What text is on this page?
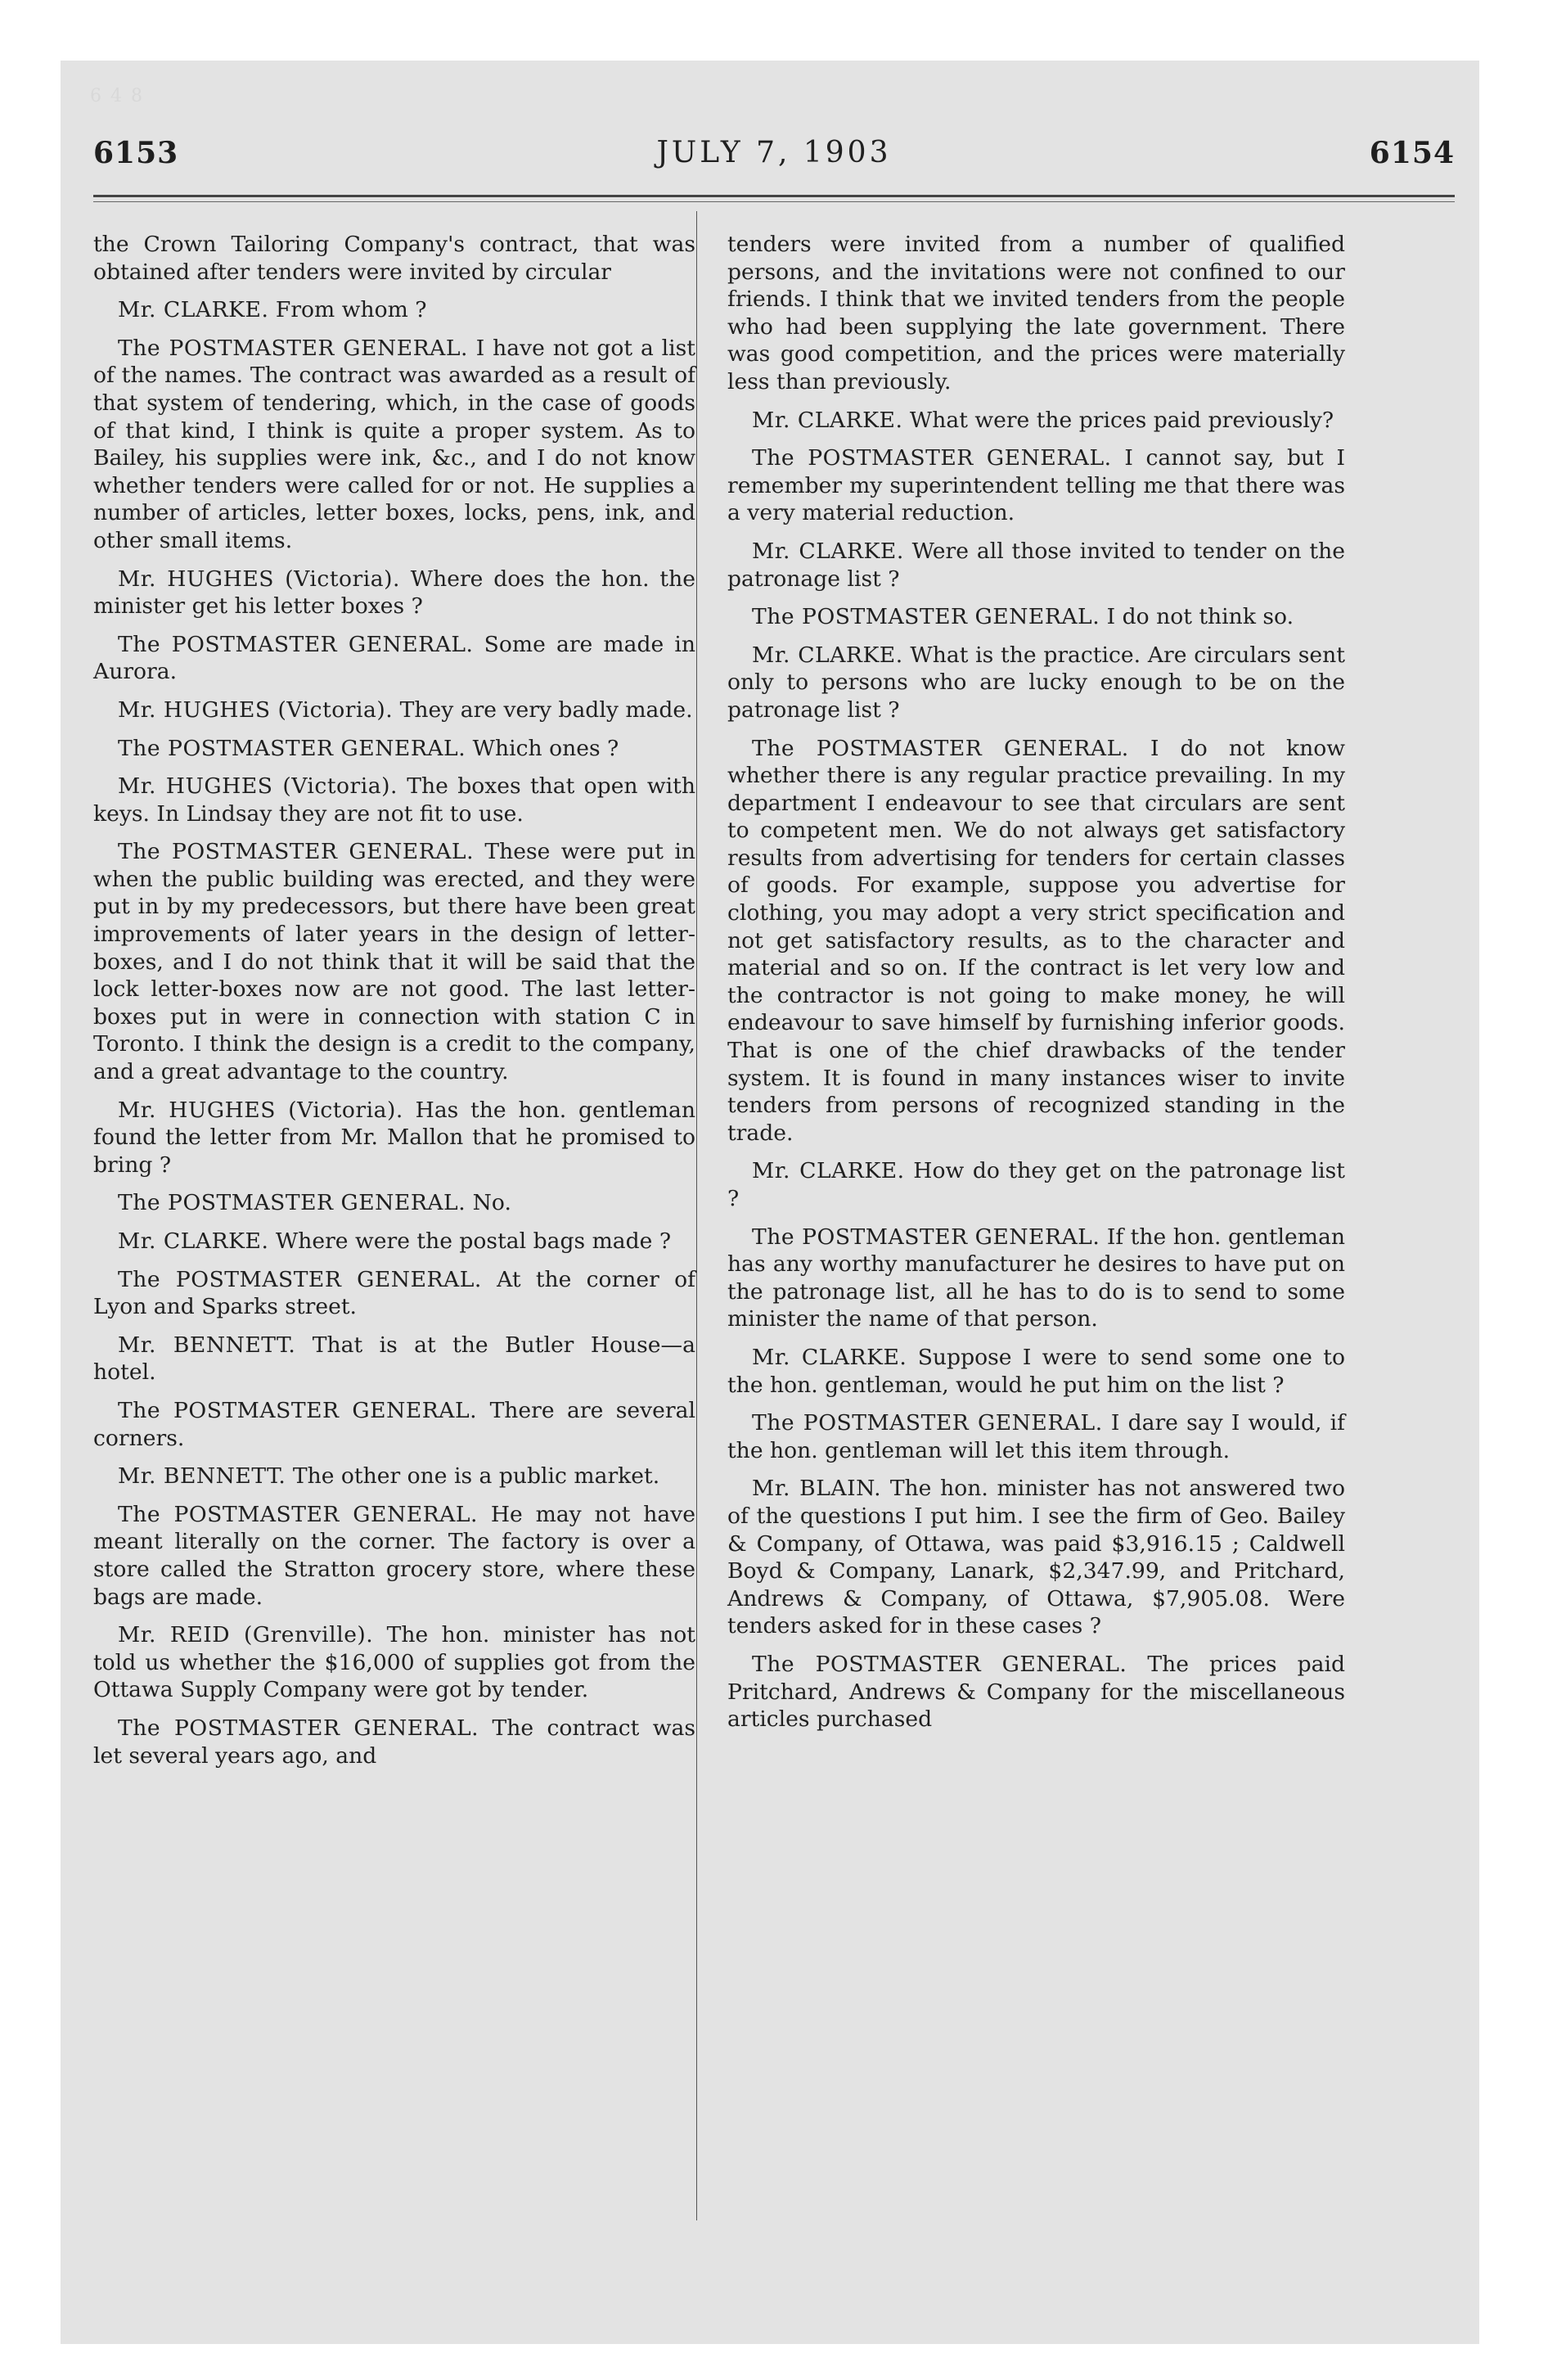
6 4 8
6153	JULY 7, 1903	6154

the Crown Tailoring Company's contract, that was obtained after tenders were invited by circular

Mr. CLARKE. From whom ?

The POSTMASTER GENERAL. I have not got a list of the names. The contract was awarded as a result of that system of tendering, which, in the case of goods of that kind, I think is quite a proper system. As to Bailey, his supplies were ink, &c., and I do not know whether tenders were called for or not. He supplies a number of articles, letter boxes, locks, pens, ink, and other small items.

Mr. HUGHES (Victoria). Where does the hon. the minister get his letter boxes ?

The POSTMASTER GENERAL. Some are made in Aurora.

Mr. HUGHES (Victoria). They are very badly made.

The POSTMASTER GENERAL. Which ones ?

Mr. HUGHES (Victoria). The boxes that open with keys. In Lindsay they are not fit to use.

The POSTMASTER GENERAL. These were put in when the public building was erected, and they were put in by my predecessors, but there have been great improvements of later years in the design of letter-boxes, and I do not think that it will be said that the lock letter-boxes now are not good. The last letter-boxes put in were in connection with station C in Toronto. I think the design is a credit to the company, and a great advantage to the country.

Mr. HUGHES (Victoria). Has the hon. gentleman found the letter from Mr. Mallon that he promised to bring ?

The POSTMASTER GENERAL. No.

Mr. CLARKE. Where were the postal bags made ?

The POSTMASTER GENERAL. At the corner of Lyon and Sparks street.

Mr. BENNETT. That is at the Butler House—a hotel.

The POSTMASTER GENERAL. There are several corners.

Mr. BENNETT. The other one is a public market.

The POSTMASTER GENERAL. He may not have meant literally on the corner. The factory is over a store called the Stratton grocery store, where these bags are made.

Mr. REID (Grenville). The hon. minister has not told us whether the $16,000 of supplies got from the Ottawa Supply Company were got by tender.

The POSTMASTER GENERAL. The contract was let several years ago, and

tenders were invited from a number of qualified persons, and the invitations were not confined to our friends. I think that we invited tenders from the people who had been supplying the late government. There was good competition, and the prices were materially less than previously.

Mr. CLARKE. What were the prices paid previously?

The POSTMASTER GENERAL. I cannot say, but I remember my superintendent telling me that there was a very material reduction.

Mr. CLARKE. Were all those invited to tender on the patronage list ?

The POSTMASTER GENERAL. I do not think so.

Mr. CLARKE. What is the practice. Are circulars sent only to persons who are lucky enough to be on the patronage list ?

The POSTMASTER GENERAL. I do not know whether there is any regular practice prevailing. In my department I endeavour to see that circulars are sent to competent men. We do not always get satisfactory results from advertising for tenders for certain classes of goods. For example, suppose you advertise for clothing, you may adopt a very strict specification and not get satisfactory results, as to the character and material and so on. If the contract is let very low and the contractor is not going to make money, he will endeavour to save himself by furnishing inferior goods. That is one of the chief drawbacks of the tender system. It is found in many instances wiser to invite tenders from persons of recognized standing in the trade.

Mr. CLARKE. How do they get on the patronage list ?

The POSTMASTER GENERAL. If the hon. gentleman has any worthy manufacturer he desires to have put on the patronage list, all he has to do is to send to some minister the name of that person.

Mr. CLARKE. Suppose I were to send some one to the hon. gentleman, would he put him on the list ?

The POSTMASTER GENERAL. I dare say I would, if the hon. gentleman will let this item through.

Mr. BLAIN. The hon. minister has not answered two of the questions I put him. I see the firm of Geo. Bailey & Company, of Ottawa, was paid $3,916.15 ; Caldwell Boyd & Company, Lanark, $2,347.99, and Pritchard, Andrews & Company, of Ottawa, $7,905.08. Were tenders asked for in these cases ?

The POSTMASTER GENERAL. The prices paid Pritchard, Andrews & Company for the miscellaneous articles purchased
